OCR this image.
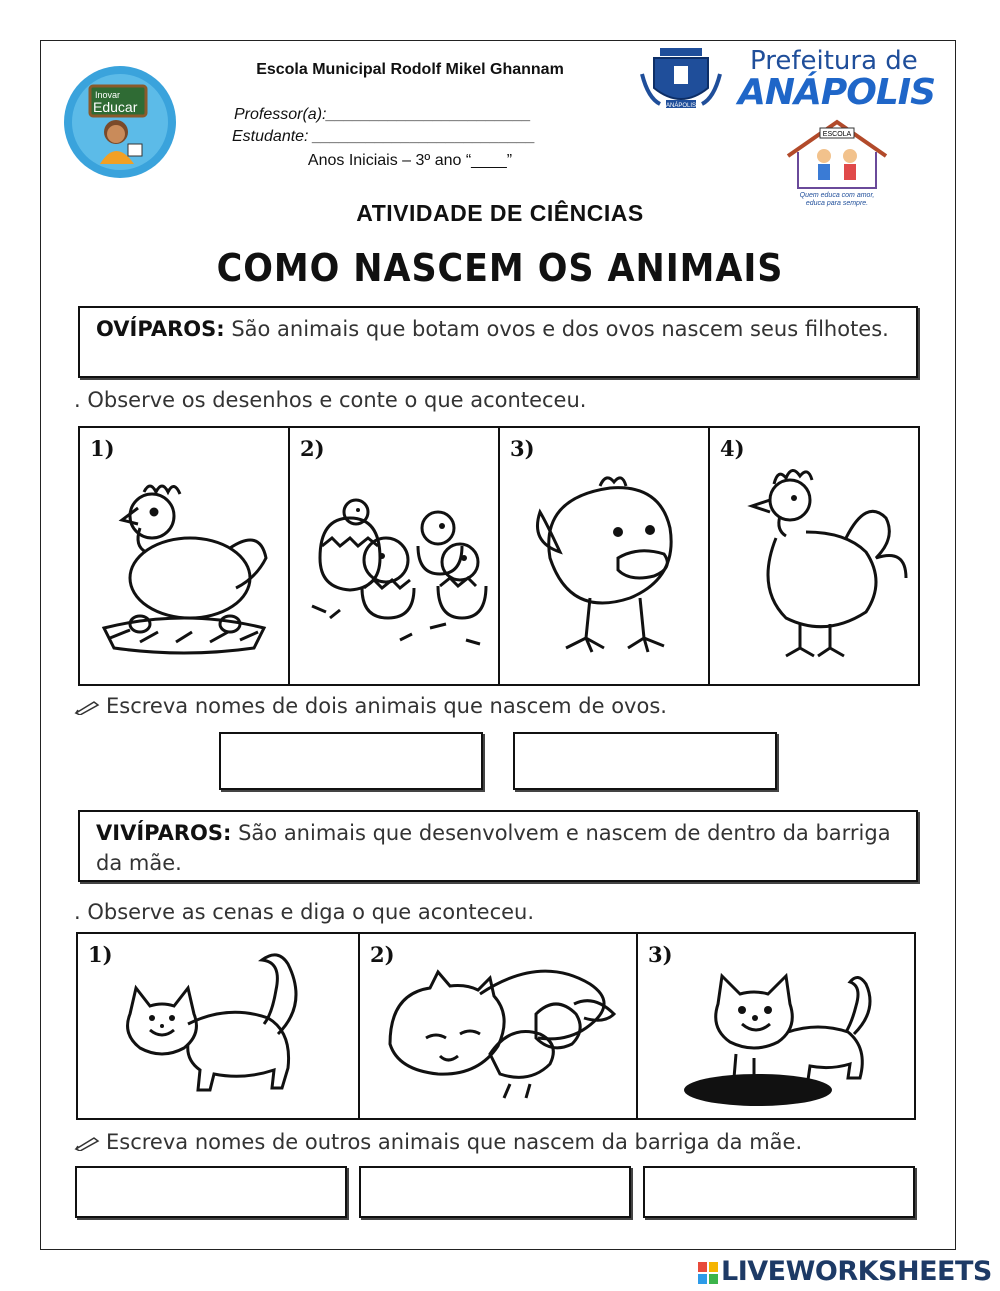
Inovar
Educar
Escola Municipal Rodolf Mikel Ghannam
Professor(a):_______________________
Estudante: _________________________
Anos Iniciais – 3º ano “____”
ANÁPOLIS
Prefeitura de
ANÁPOLIS
ESCOLA
Quem educa com amor,
educa para sempre.
ATIVIDADE DE CIÊNCIAS
COMO NASCEM OS ANIMAIS
OVÍPAROS: São animais que botam ovos e dos ovos nascem seus filhotes.
. Observe os desenhos e conte o que aconteceu.
1)	2)	3)	4)
Escreva nomes de dois animais que nascem de ovos.
VIVÍPAROS: São animais que desenvolvem e nascem de dentro da barriga da mãe.
. Observe as cenas e diga o que aconteceu.
1)	2)	3)
Escreva nomes de outros animais que nascem da barriga da mãe.
LIVEWORKSHEETS
